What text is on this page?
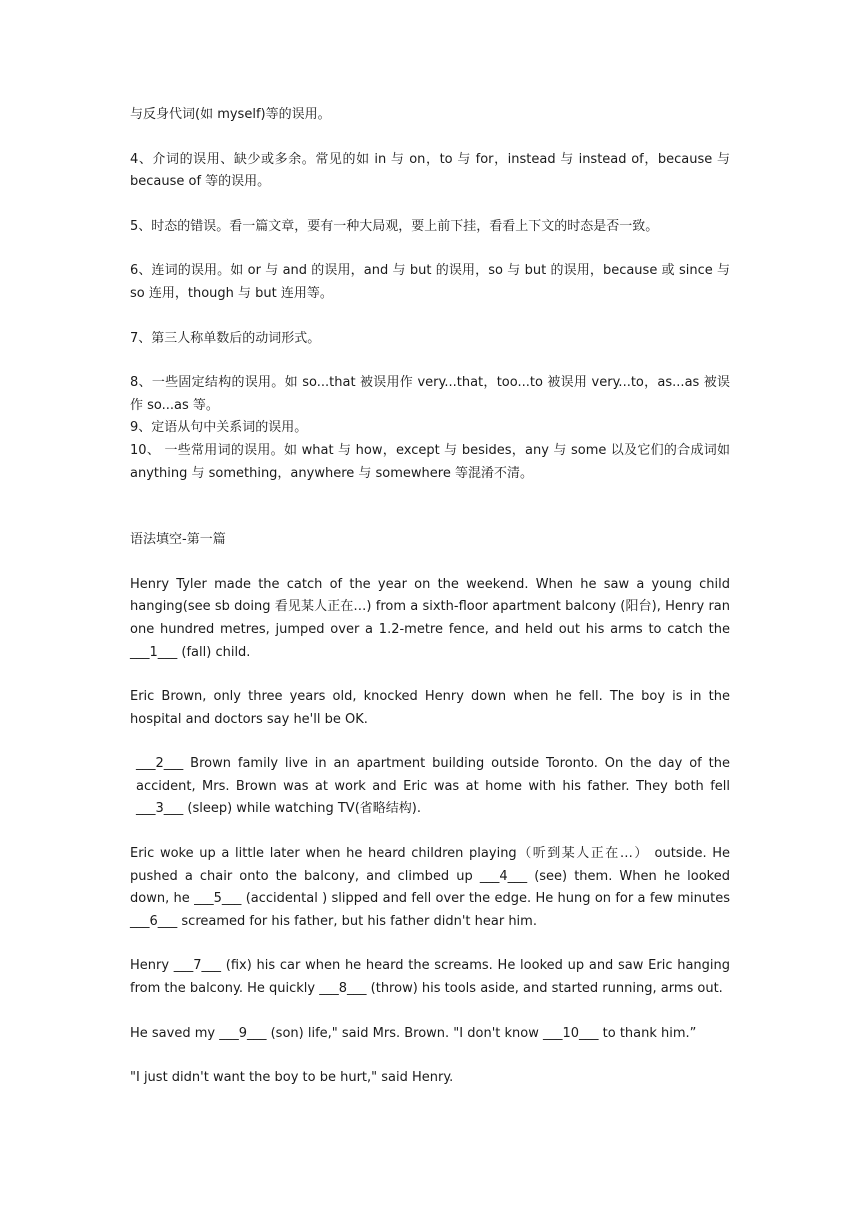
与反身代词(如 myself)等的误用。

4、介词的误用、缺少或多余。常见的如 in 与 on，to 与 for，instead 与 instead of，because 与 because of 等的误用。

5、时态的错误。看一篇文章，要有一种大局观，要上前下挂，看看上下文的时态是否一致。

6、连词的误用。如 or 与 and 的误用，and 与 but 的误用，so 与 but 的误用，because 或 since 与 so 连用，though 与 but 连用等。

7、第三人称单数后的动词形式。

8、一些固定结构的误用。如 so...that 被误用作 very...that，too...to 被误用 very...to，as...as 被误作 so...as 等。

9、定语从句中关系词的误用。

10、 一些常用词的误用。如 what 与 how，except 与 besides，any 与 some 以及它们的合成词如 anything 与 something，anywhere 与 somewhere 等混淆不清。

语法填空-第一篇

Henry Tyler made the catch of the year on the weekend. When he saw a young child hanging(see sb doing 看见某人正在…) from a sixth-floor apartment balcony (阳台), Henry ran one hundred metres, jumped over a 1.2-metre fence, and held out his arms to catch the ___1___ (fall) child.

Eric Brown, only three years old, knocked Henry down when he fell. The boy is in the hospital and doctors say he'll be OK.

___2___ Brown family live in an apartment building outside Toronto. On the day of the accident, Mrs. Brown was at work and Eric was at home with his father. They both fell ___3___ (sleep) while watching TV(省略结构).

Eric woke up a little later when he heard children playing（听到某人正在…） outside. He pushed a chair onto the balcony, and climbed up ___4___ (see) them. When he looked down, he ___5___ (accidental ) slipped and fell over the edge. He hung on for a few minutes ___6___ screamed for his father, but his father didn't hear him.

Henry ___7___ (fix) his car when he heard the screams. He looked up and saw Eric hanging from the balcony. He quickly ___8___ (throw) his tools aside, and started running, arms out.

He saved my ___9___ (son) life," said Mrs. Brown. "I don't know ___10___ to thank him.”

"I just didn't want the boy to be hurt," said Henry.
